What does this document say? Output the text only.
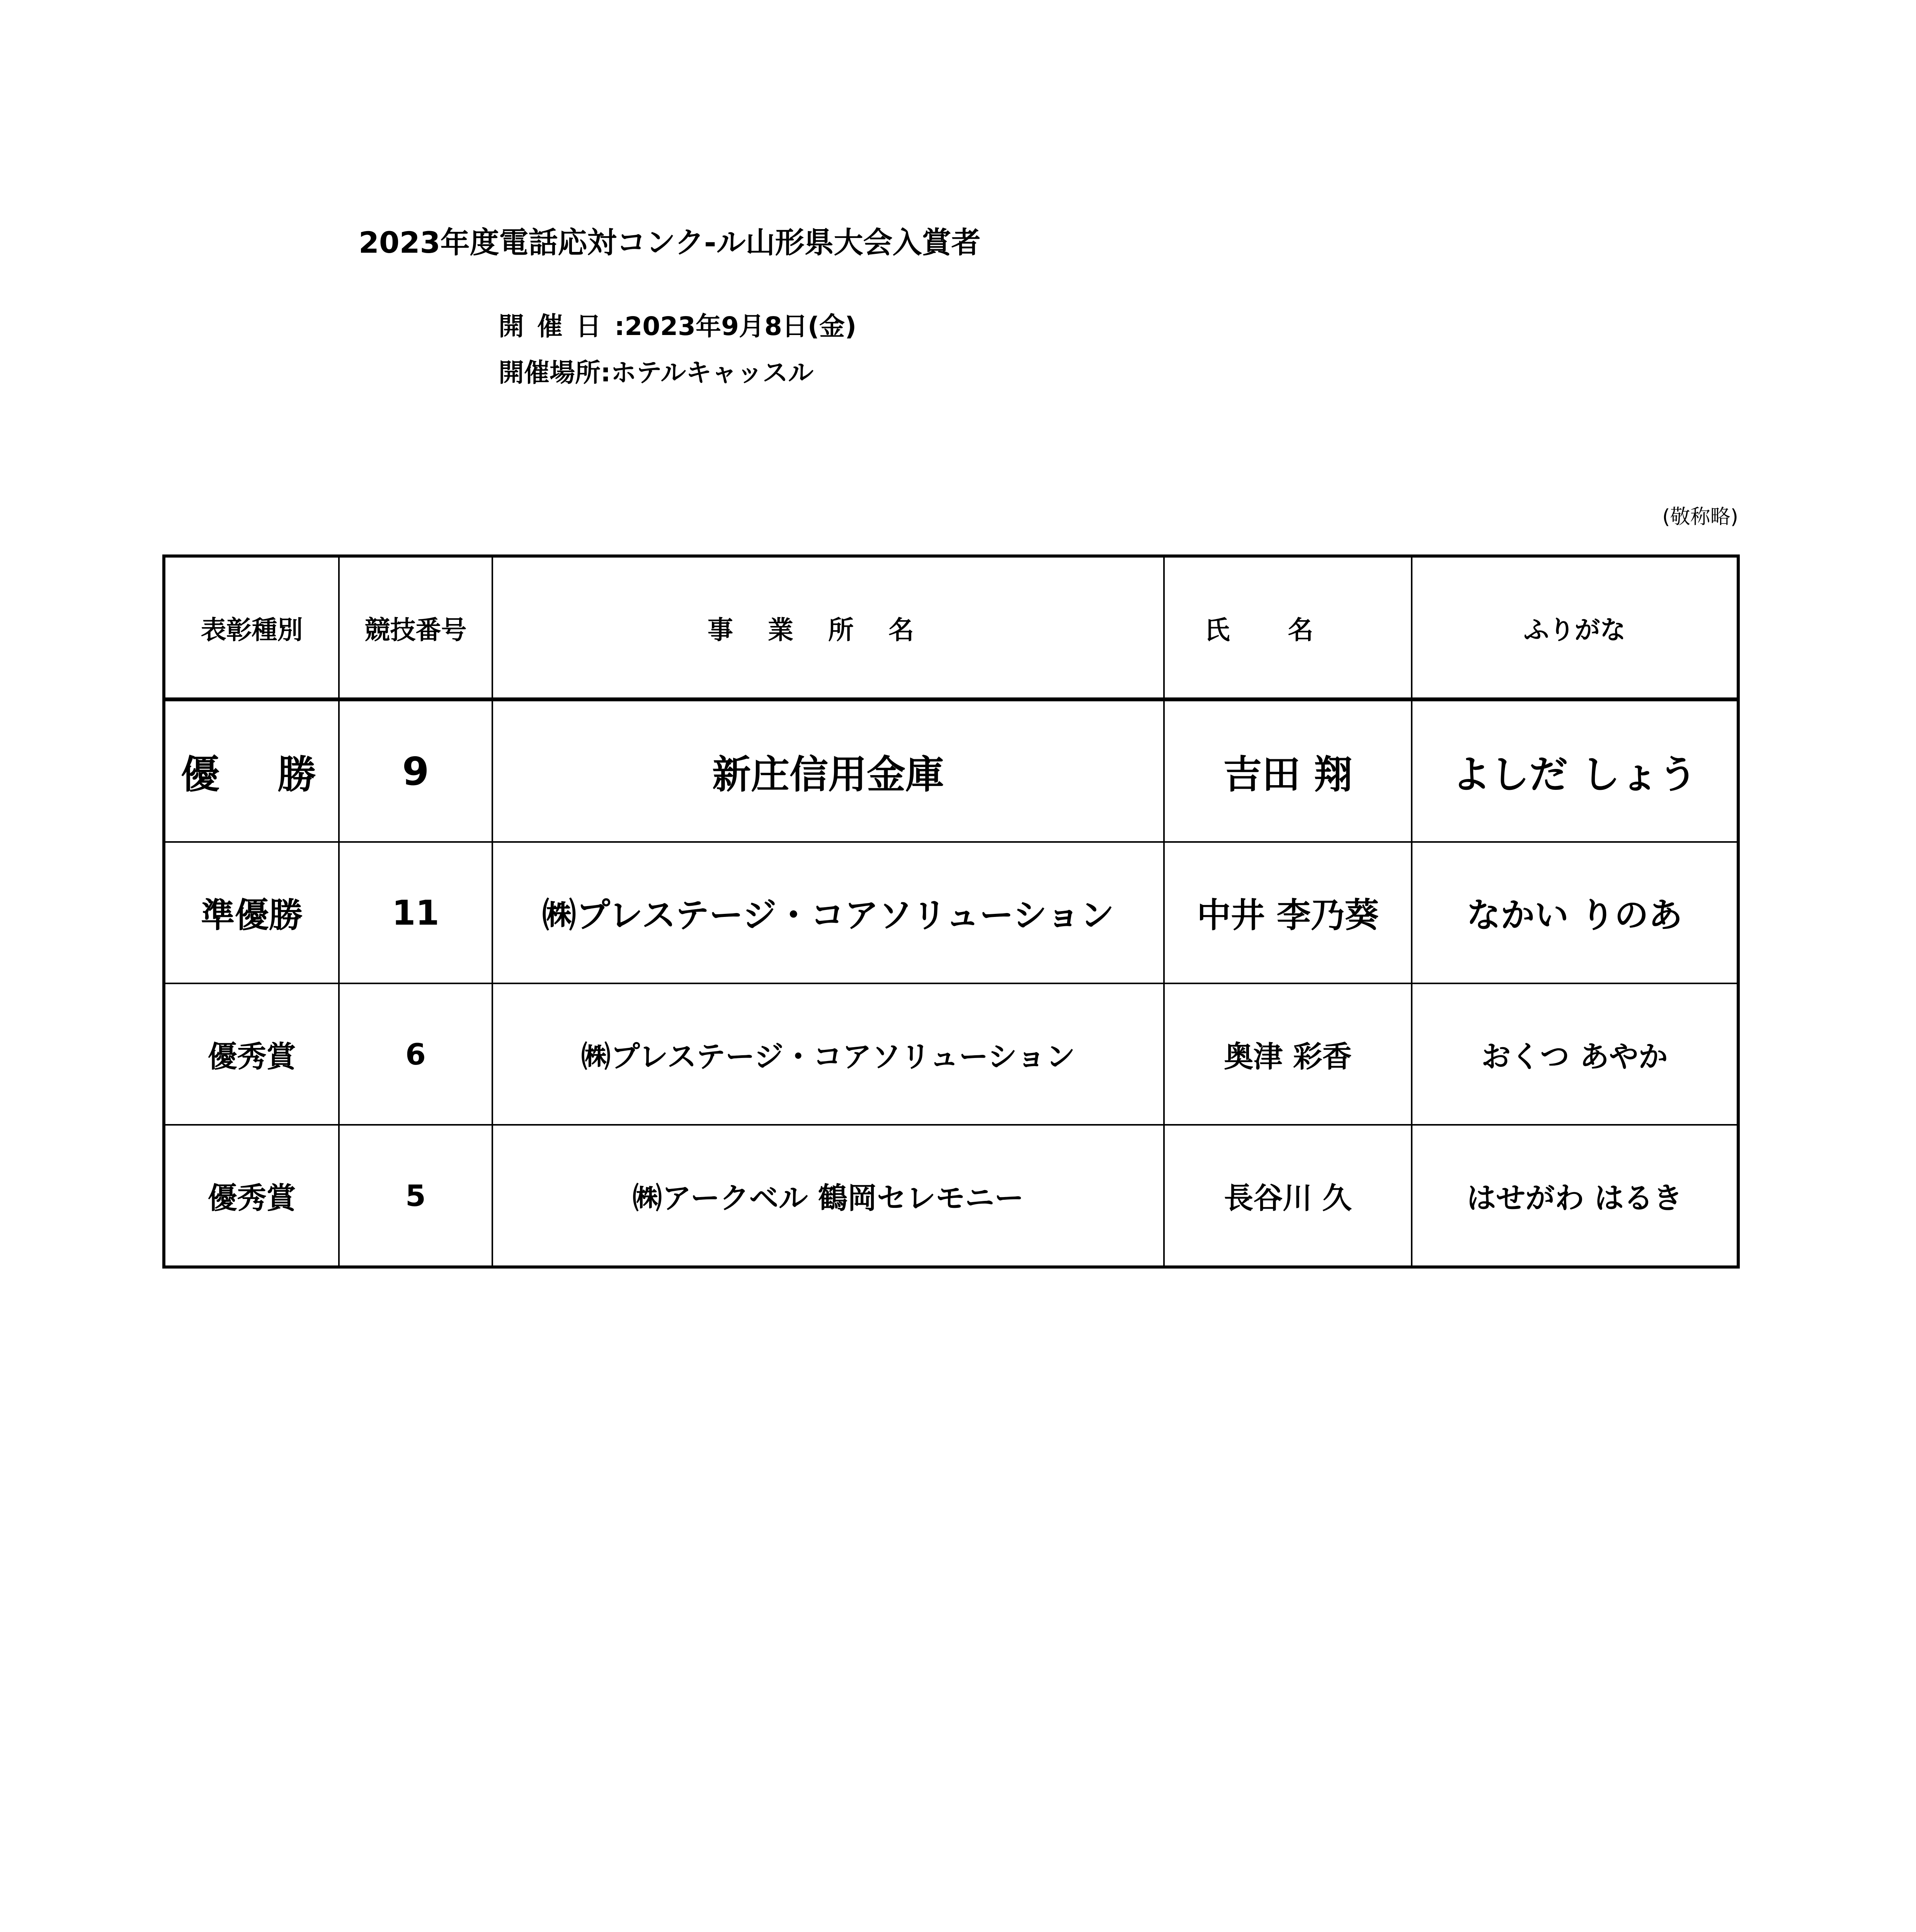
2023年度電話応対コンク-ル山形県大会入賞者
開催日:2023年9月8日(金)
開催場所:ホテルキャッスル
(敬称略)
表彰種別	競技番号	事業所名	氏名	ふりがな
優勝	9	新庄信用金庫	吉田 翔	よしだ しょう
準優勝	11	㈱プレステージ・コアソリューション	中井 李乃葵	なかい りのあ
優秀賞	6	㈱プレステージ・コアソリューション	奥津 彩香	おくつ あやか
優秀賞	5	㈱アークベル 鶴岡セレモニー	長谷川 久	はせがわ はるき
